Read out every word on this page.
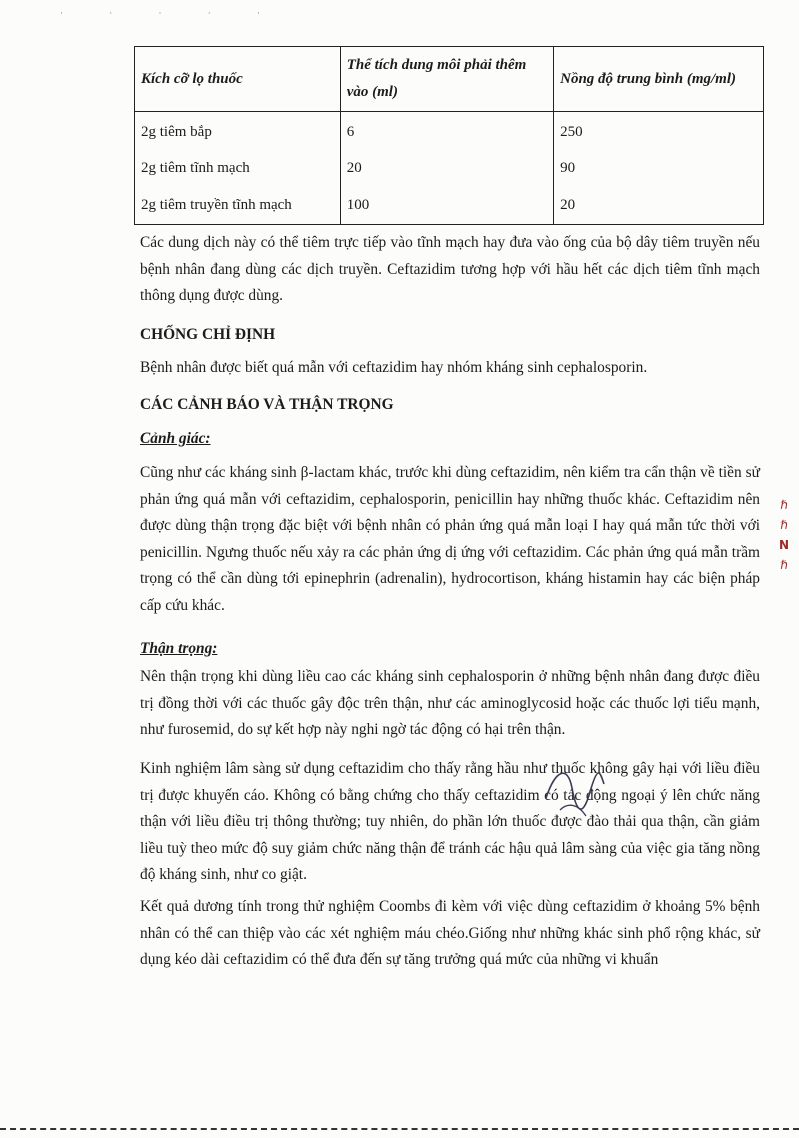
· · · · ·
Kích cỡ lọ thuốc	Thể tích dung môi phải thêm vào (ml)	Nồng độ trung bình (mg/ml)
2g tiêm bắp	6	250
2g tiêm tĩnh mạch	20	90
2g tiêm truyền tĩnh mạch	100	20

Các dung dịch này có thể tiêm trực tiếp vào tĩnh mạch hay đưa vào ống của bộ dây tiêm truyền nếu bệnh nhân đang dùng các dịch truyền. Ceftazidim tương hợp với hầu hết các dịch tiêm tĩnh mạch thông dụng được dùng.

CHỐNG CHỈ ĐỊNH

Bệnh nhân được biết quá mẫn với ceftazidim hay nhóm kháng sinh cephalosporin.

CÁC CẢNH BÁO VÀ THẬN TRỌNG
Cảnh giác:

Cũng như các kháng sinh β-lactam khác, trước khi dùng ceftazidim, nên kiểm tra cẩn thận về tiền sử phản ứng quá mẫn với ceftazidim, cephalosporin, penicillin hay những thuốc khác. Ceftazidim nên được dùng thận trọng đặc biệt với bệnh nhân có phản ứng quá mẫn loại I hay quá mẫn tức thời với penicillin. Ngưng thuốc nếu xảy ra các phản ứng dị ứng với ceftazidim. Các phản ứng quá mẫn trầm trọng có thể cần dùng tới epinephrin (adrenalin), hydrocortison, kháng histamin hay các biện pháp cấp cứu khác.

Thận trọng:

Nên thận trọng khi dùng liều cao các kháng sinh cephalosporin ở những bệnh nhân đang được điều trị đồng thời với các thuốc gây độc trên thận, như các aminoglycosid hoặc các thuốc lợi tiểu mạnh, như furosemid, do sự kết hợp này nghi ngờ tác động có hại trên thận.

Kinh nghiệm lâm sàng sử dụng ceftazidim cho thấy rằng hầu như thuốc không gây hại với liều điều trị được khuyến cáo. Không có bằng chứng cho thấy ceftazidim có tác động ngoại ý lên chức năng thận với liều điều trị thông thường; tuy nhiên, do phần lớn thuốc được đào thải qua thận, cần giảm liều tuỳ theo mức độ suy giảm chức năng thận để tránh các hậu quả lâm sàng của việc gia tăng nồng độ kháng sinh, như co giật.

Kết quả dương tính trong thử nghiệm Coombs đi kèm với việc dùng ceftazidim ở khoảng 5% bệnh nhân có thể can thiệp vào các xét nghiệm máu chéo.Giống như những khác sinh phổ rộng khác, sử dụng kéo dài ceftazidim có thể đưa đến sự tăng trưởng quá mức của những vi khuẩn

ℏ
ℏ
N
ℏ
